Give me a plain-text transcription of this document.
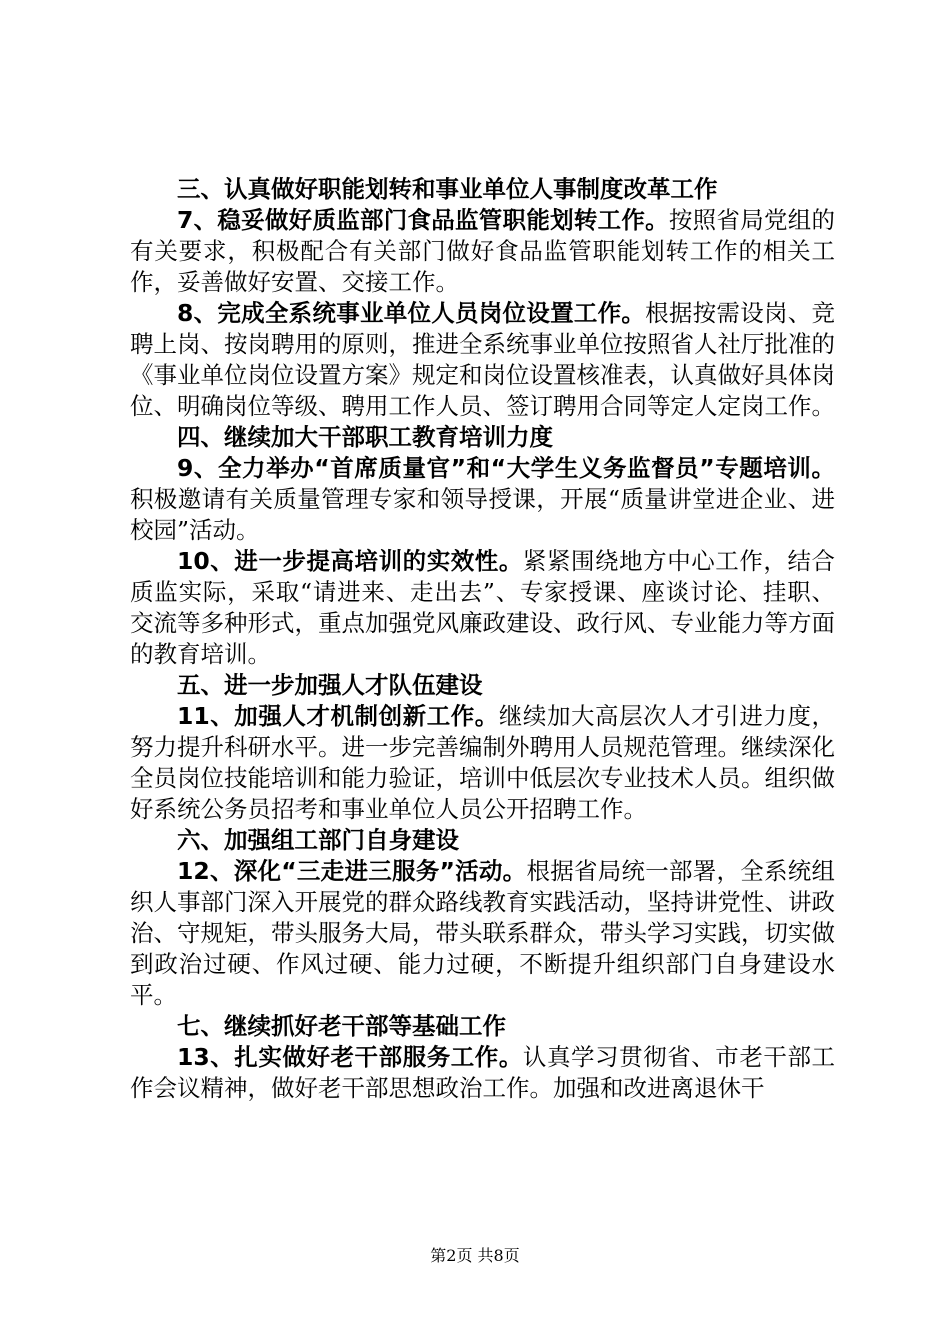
三、认真做好职能划转和事业单位人事制度改革工作

7、稳妥做好质监部门食品监管职能划转工作。按照省局党组的有关要求，积极配合有关部门做好食品监管职能划转工作的相关工作，妥善做好安置、交接工作。

8、完成全系统事业单位人员岗位设置工作。根据按需设岗、竞聘上岗、按岗聘用的原则，推进全系统事业单位按照省人社厅批准的《事业单位岗位设置方案》规定和岗位设置核准表，认真做好具体岗位、明确岗位等级、聘用工作人员、签订聘用合同等定人定岗工作。

四、继续加大干部职工教育培训力度

9、全力举办“首席质量官”和“大学生义务监督员”专题培训。积极邀请有关质量管理专家和领导授课，开展“质量讲堂进企业、进校园”活动。

10、进一步提高培训的实效性。紧紧围绕地方中心工作，结合质监实际，采取“请进来、走出去”、专家授课、座谈讨论、挂职、交流等多种形式，重点加强党风廉政建设、政行风、专业能力等方面的教育培训。

五、进一步加强人才队伍建设

11、加强人才机制创新工作。继续加大高层次人才引进力度，努力提升科研水平。进一步完善编制外聘用人员规范管理。继续深化全员岗位技能培训和能力验证，培训中低层次专业技术人员。组织做好系统公务员招考和事业单位人员公开招聘工作。

六、加强组工部门自身建设

12、深化“三走进三服务”活动。根据省局统一部署，全系统组织人事部门深入开展党的群众路线教育实践活动，坚持讲党性、讲政治、守规矩，带头服务大局，带头联系群众，带头学习实践，切实做到政治过硬、作风过硬、能力过硬，不断提升组织部门自身建设水平。

七、继续抓好老干部等基础工作

13、扎实做好老干部服务工作。认真学习贯彻省、市老干部工作会议精神，做好老干部思想政治工作。加强和改进离退休干

第2页 共8页
